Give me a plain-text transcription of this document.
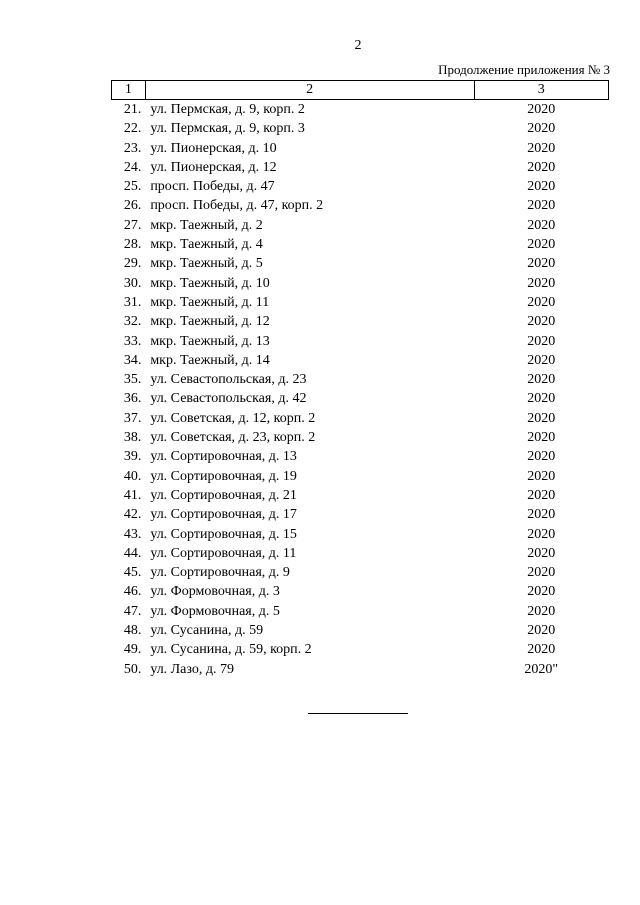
2
Продолжение приложения № 3
1	2	3
21.	ул. Пермская, д. 9, корп. 2	2020
22.	ул. Пермская, д. 9, корп. 3	2020
23.	ул. Пионерская, д. 10	2020
24.	ул. Пионерская, д. 12	2020
25.	просп. Победы, д. 47	2020
26.	просп. Победы, д. 47, корп. 2	2020
27.	мкр. Таежный, д. 2	2020
28.	мкр. Таежный, д. 4	2020
29.	мкр. Таежный, д. 5	2020
30.	мкр. Таежный, д. 10	2020
31.	мкр. Таежный, д. 11	2020
32.	мкр. Таежный, д. 12	2020
33.	мкр. Таежный, д. 13	2020
34.	мкр. Таежный, д. 14	2020
35.	ул. Севастопольская, д. 23	2020
36.	ул. Севастопольская, д. 42	2020
37.	ул. Советская, д. 12, корп. 2	2020
38.	ул. Советская, д. 23, корп. 2	2020
39.	ул. Сортировочная, д. 13	2020
40.	ул. Сортировочная, д. 19	2020
41.	ул. Сортировочная, д. 21	2020
42.	ул. Сортировочная, д. 17	2020
43.	ул. Сортировочная, д. 15	2020
44.	ул. Сортировочная, д. 11	2020
45.	ул. Сортировочная, д. 9	2020
46.	ул. Формовочная, д. 3	2020
47.	ул. Формовочная, д. 5	2020
48.	ул. Сусанина, д. 59	2020
49.	ул. Сусанина, д. 59, корп. 2	2020
50.	ул. Лазо, д. 79	2020"
